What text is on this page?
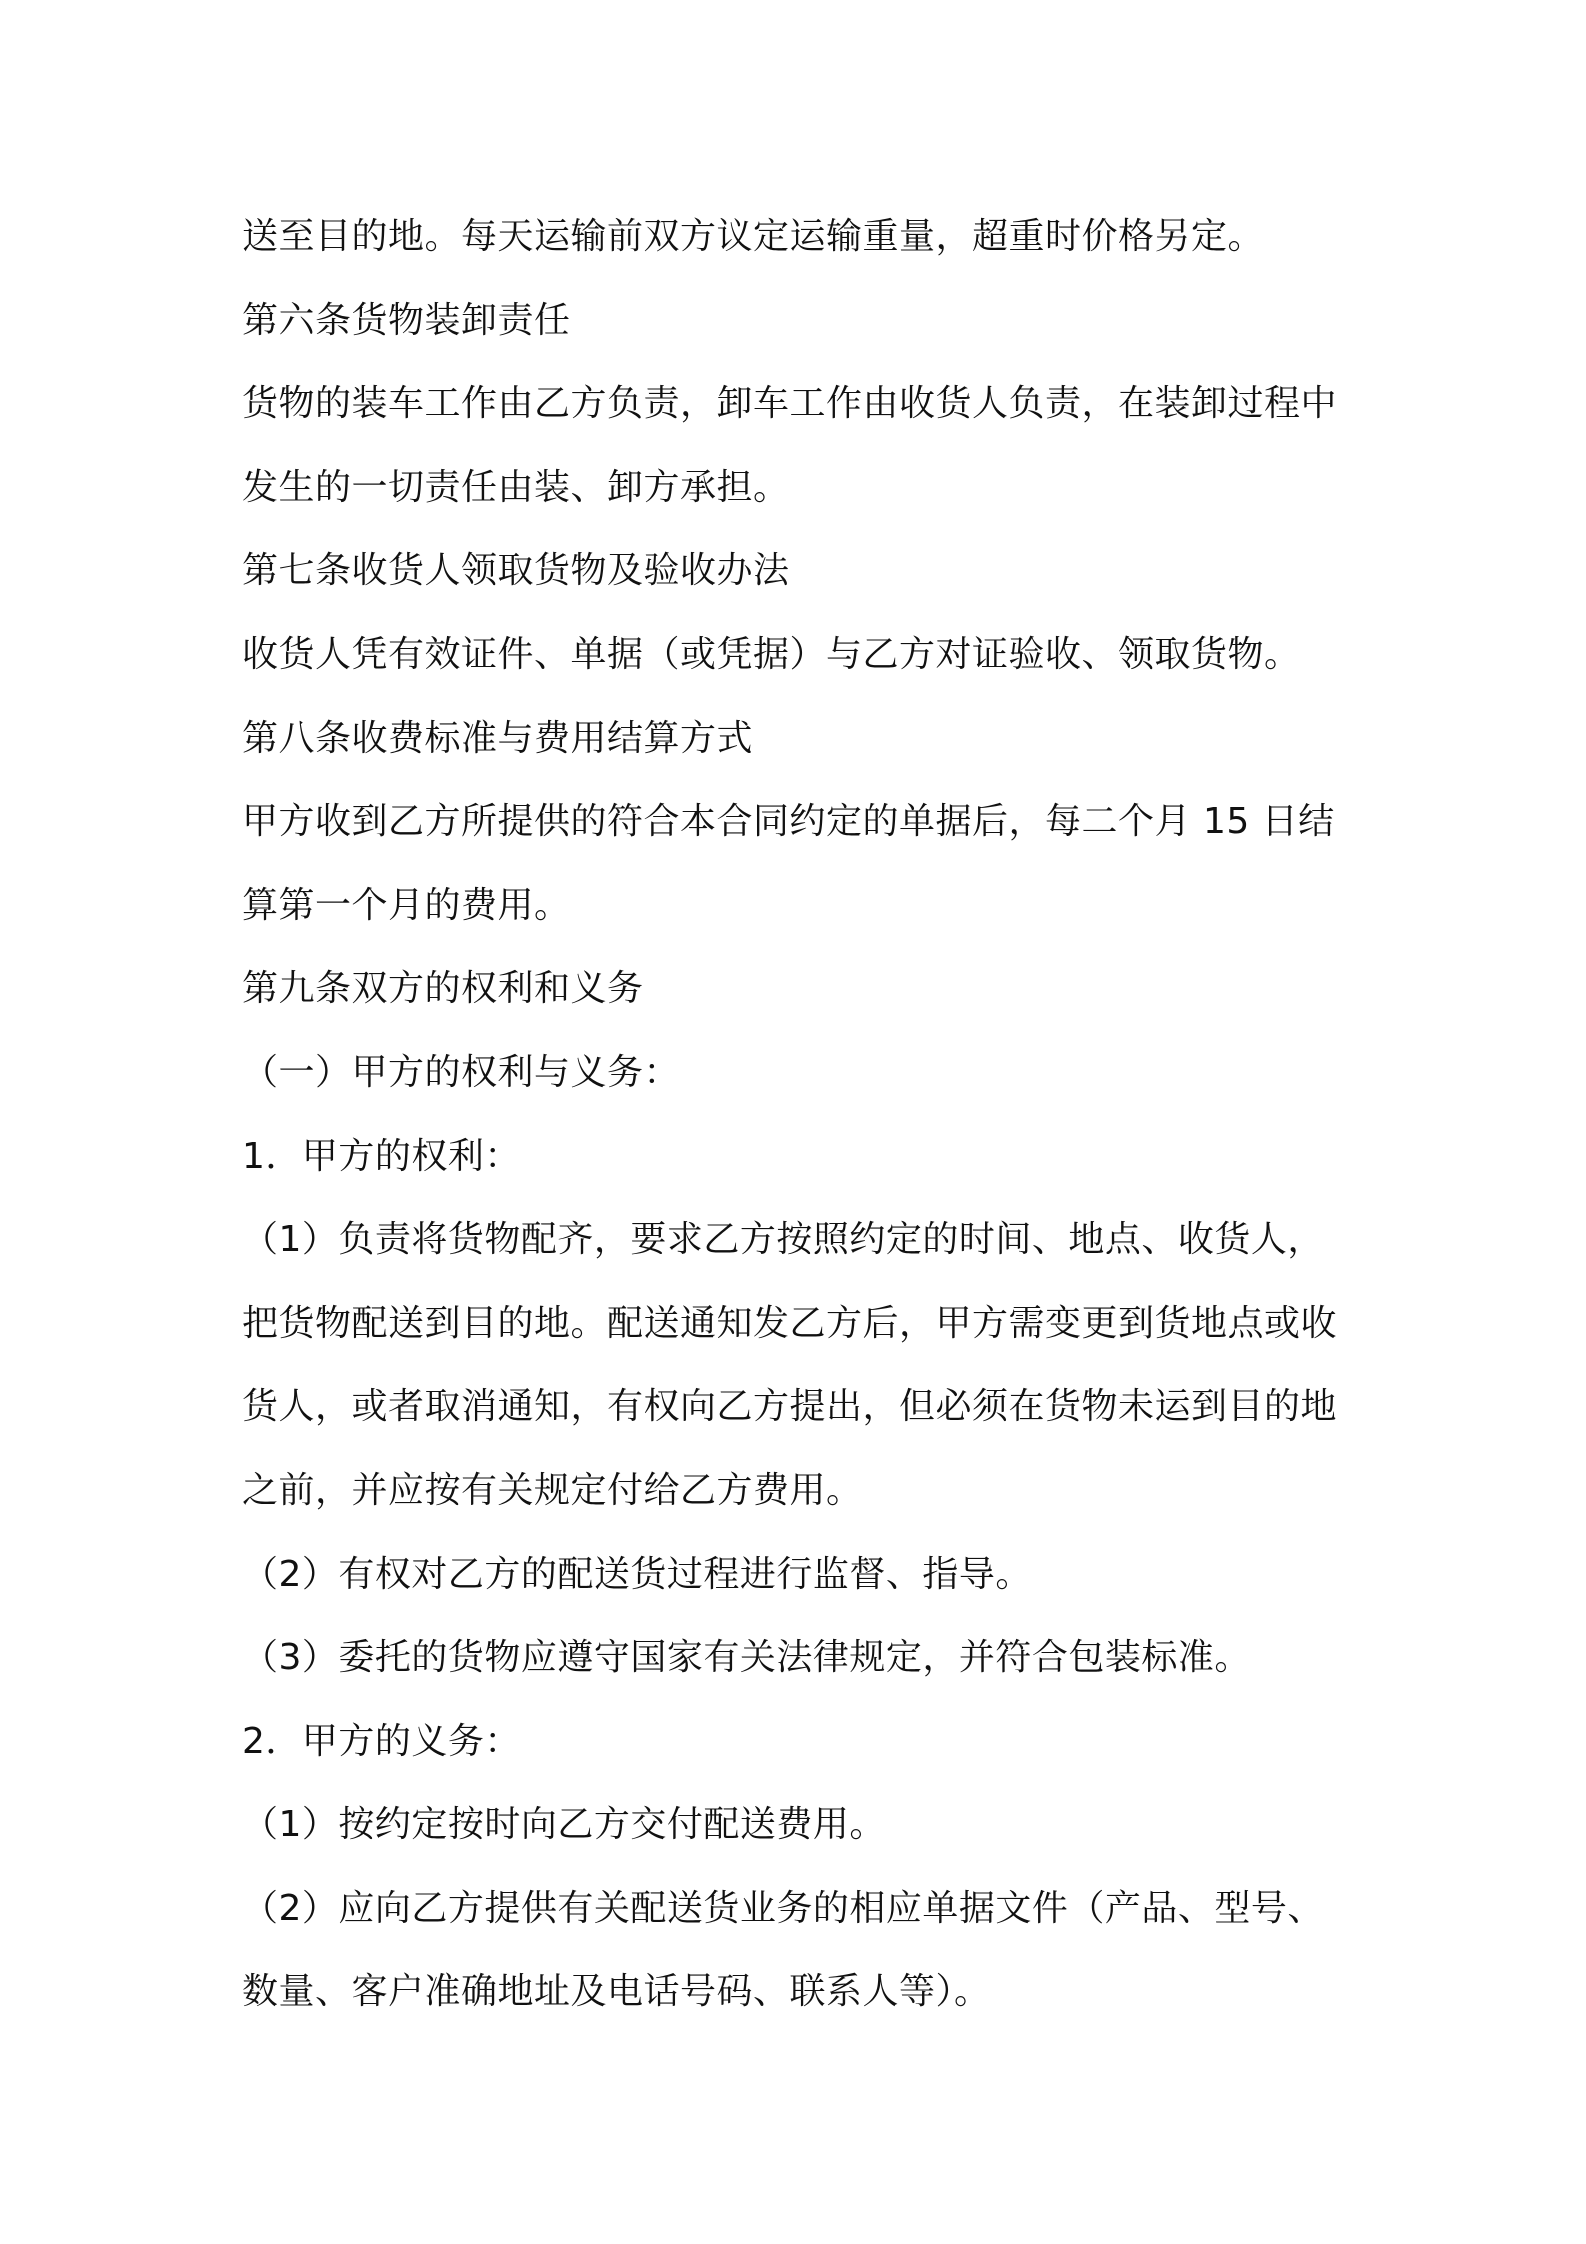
送至目的地。每天运输前双方议定运输重量，超重时价格另定。
第六条货物装卸责任
货物的装车工作由乙方负责，卸车工作由收货人负责，在装卸过程中
发生的一切责任由装、卸方承担。
第七条收货人领取货物及验收办法
收货人凭有效证件、单据（或凭据）与乙方对证验收、领取货物。
第八条收费标准与费用结算方式
甲方收到乙方所提供的符合本合同约定的单据后，每二个月 15 日结
算第一个月的费用。
第九条双方的权利和义务
（一）甲方的权利与义务：
1．甲方的权利：
（1）负责将货物配齐，要求乙方按照约定的时间、地点、收货人，
把货物配送到目的地。配送通知发乙方后，甲方需变更到货地点或收
货人，或者取消通知，有权向乙方提出，但必须在货物未运到目的地
之前，并应按有关规定付给乙方费用。
（2）有权对乙方的配送货过程进行监督、指导。
（3）委托的货物应遵守国家有关法律规定，并符合包装标准。
2．甲方的义务：
（1）按约定按时向乙方交付配送费用。
（2）应向乙方提供有关配送货业务的相应单据文件（产品、型号、
数量、客户准确地址及电话号码、联系人等）。
